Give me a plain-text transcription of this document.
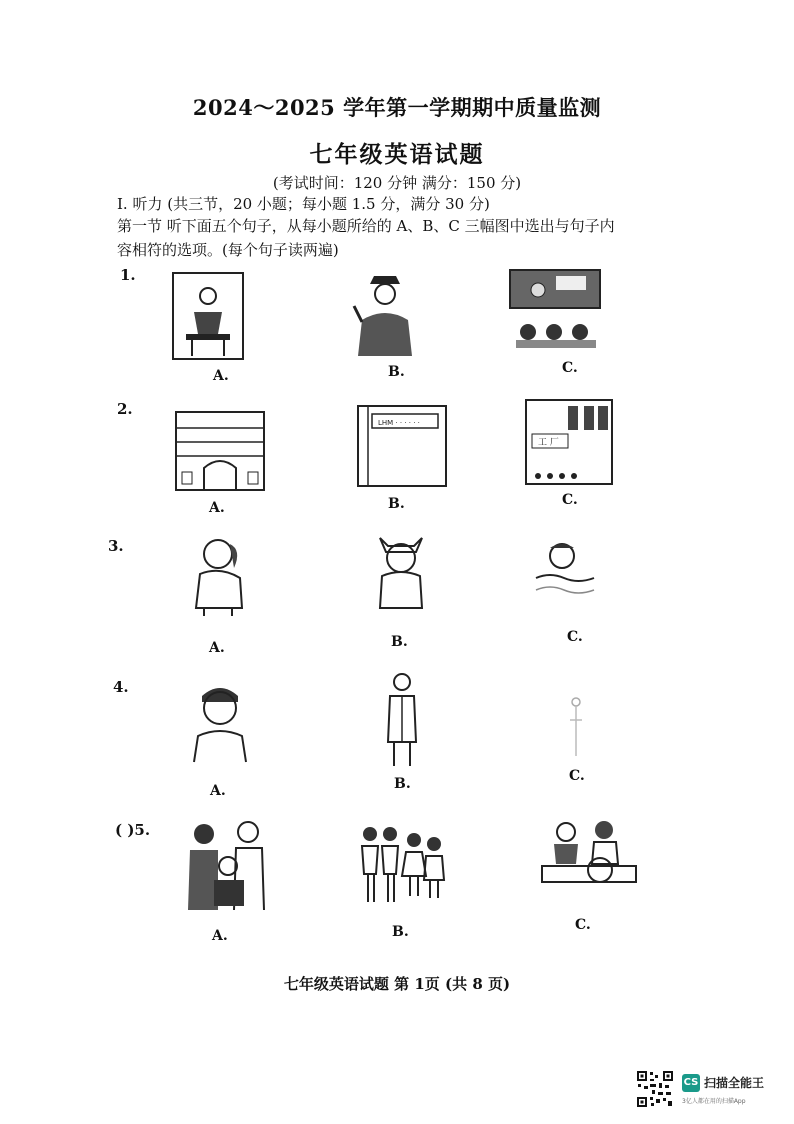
2024～2025 学年第一学期期中质量监测
七年级英语试题
(考试时间：120 分钟 满分：150 分)
Ⅰ. 听力 (共三节，20 小题；每小题 1.5 分，满分 30 分)
第一节 听下面五个句子，从每小题所给的 A、B、C 三幅图中选出与句子内
容相符的选项。(每个句子读两遍)
1.
A.	B.	C.
2.
A.
LHM · · · · · ·
B.
工 厂
C.
3.
A.	B.	C.
4.
A.	B.	C.
( )5.
A.	B.	C.
七年级英语试题 第 1页 (共 8 页)
CS 扫描全能王
3亿人都在用的扫描App
